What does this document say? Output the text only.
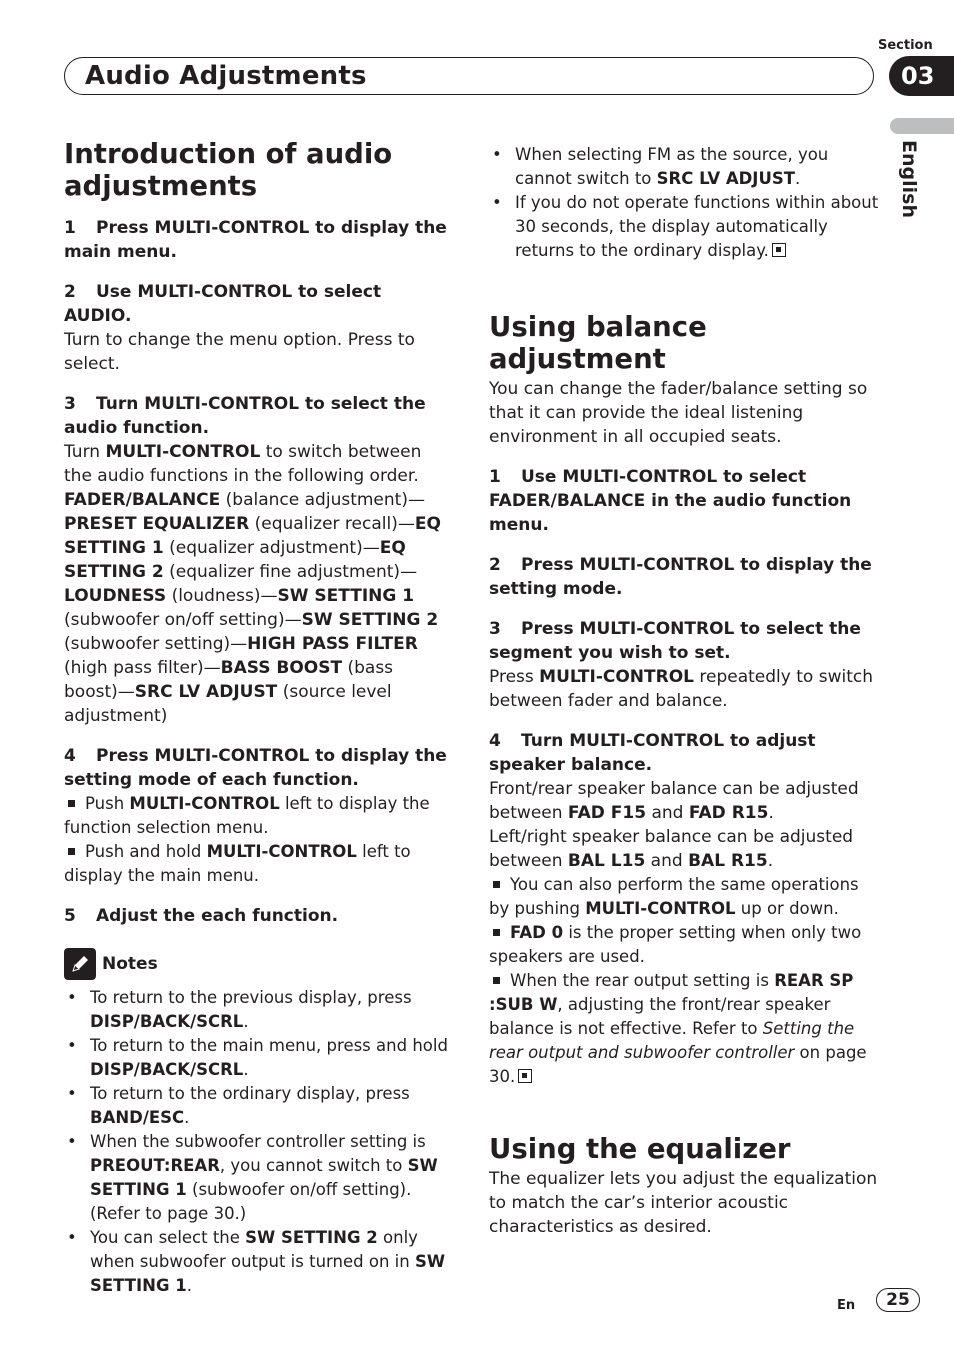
Audio Adjustments
Section
03
English
Introduction of audio adjustments
1 Press MULTI-CONTROL to display the main menu.
2 Use MULTI-CONTROL to select AUDIO.

Turn to change the menu option. Press to select.

3 Turn MULTI-CONTROL to select the audio function.

Turn MULTI-CONTROL to switch between the audio functions in the following order.

FADER/BALANCE (balance adjustment)—PRESET EQUALIZER (equalizer recall)—EQ SETTING 1 (equalizer adjustment)—EQ SETTING 2 (equalizer fine adjustment)—LOUDNESS (loudness)—SW SETTING 1 (subwoofer on/off setting)—SW SETTING 2 (subwoofer setting)—HIGH PASS FILTER (high pass filter)—BASS BOOST (bass boost)—SRC LV ADJUST (source level adjustment)

4 Press MULTI-CONTROL to display the setting mode of each function.
Push MULTI-CONTROL left to display the function selection menu.
Push and hold MULTI-CONTROL left to display the main menu.
5 Adjust the each function.
Notes
• To return to the previous display, press DISP/BACK/SCRL.
• To return to the main menu, press and hold DISP/BACK/SCRL.
• To return to the ordinary display, press BAND/ESC.
• When the subwoofer controller setting is PREOUT:REAR, you cannot switch to SW SETTING 1 (subwoofer on/off setting). (Refer to page 30.)
• You can select the SW SETTING 2 only when subwoofer output is turned on in SW SETTING 1.
• When selecting FM as the source, you cannot switch to SRC LV ADJUST.
• If you do not operate functions within about 30 seconds, the display automatically returns to the ordinary display.
Using balance adjustment

You can change the fader/balance setting so that it can provide the ideal listening environment in all occupied seats.

1 Use MULTI-CONTROL to select FADER/BALANCE in the audio function menu.
2 Press MULTI-CONTROL to display the setting mode.
3 Press MULTI-CONTROL to select the segment you wish to set.

Press MULTI-CONTROL repeatedly to switch between fader and balance.

4 Turn MULTI-CONTROL to adjust speaker balance.

Front/rear speaker balance can be adjusted between FAD F15 and FAD R15.

Left/right speaker balance can be adjusted between BAL L15 and BAL R15.

You can also perform the same operations by pushing MULTI-CONTROL up or down.
FAD 0 is the proper setting when only two speakers are used.
When the rear output setting is REAR SP :SUB W, adjusting the front/rear speaker balance is not effective. Refer to Setting the rear output and subwoofer controller on page 30.
Using the equalizer

The equalizer lets you adjust the equalization to match the car’s interior acoustic characteristics as desired.

En	25
